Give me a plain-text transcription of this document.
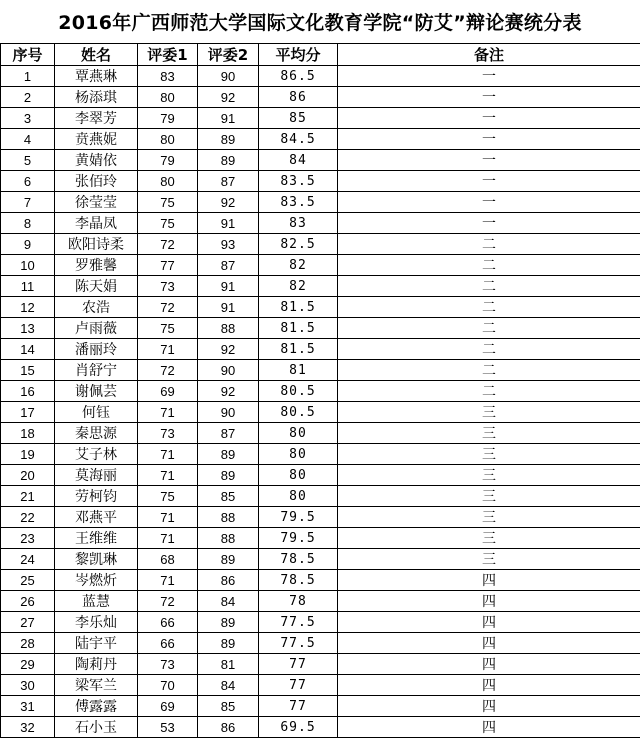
2016年广西师范大学国际文化教育学院“防艾”辩论赛统分表
序号	姓名	评委1	评委2	平均分	备注
1	覃燕琳	83	90	86.5	一
2	杨添琪	80	92	86	一
3	李翠芳	79	91	85	一
4	贲燕妮	80	89	84.5	一
5	黄婧依	79	89	84	一
6	张佰玲	80	87	83.5	一
7	徐莹莹	75	92	83.5	一
8	李晶凤	75	91	83	一
9	欧阳诗柔	72	93	82.5	二
10	罗雅馨	77	87	82	二
11	陈天娟	73	91	82	二
12	农浩	72	91	81.5	二
13	卢雨薇	75	88	81.5	二
14	潘丽玲	71	92	81.5	二
15	肖舒宁	72	90	81	二
16	谢佩芸	69	92	80.5	二
17	何钰	71	90	80.5	三
18	秦思源	73	87	80	三
19	艾子林	71	89	80	三
20	莫海丽	71	89	80	三
21	劳柯钧	75	85	80	三
22	邓燕平	71	88	79.5	三
23	王维维	71	88	79.5	三
24	黎凯琳	68	89	78.5	三
25	岑燃炘	71	86	78.5	四
26	蓝慧	72	84	78	四
27	李乐灿	66	89	77.5	四
28	陆宇平	66	89	77.5	四
29	陶莉丹	73	81	77	四
30	梁军兰	70	84	77	四
31	傅露露	69	85	77	四
32	石小玉	53	86	69.5	四
